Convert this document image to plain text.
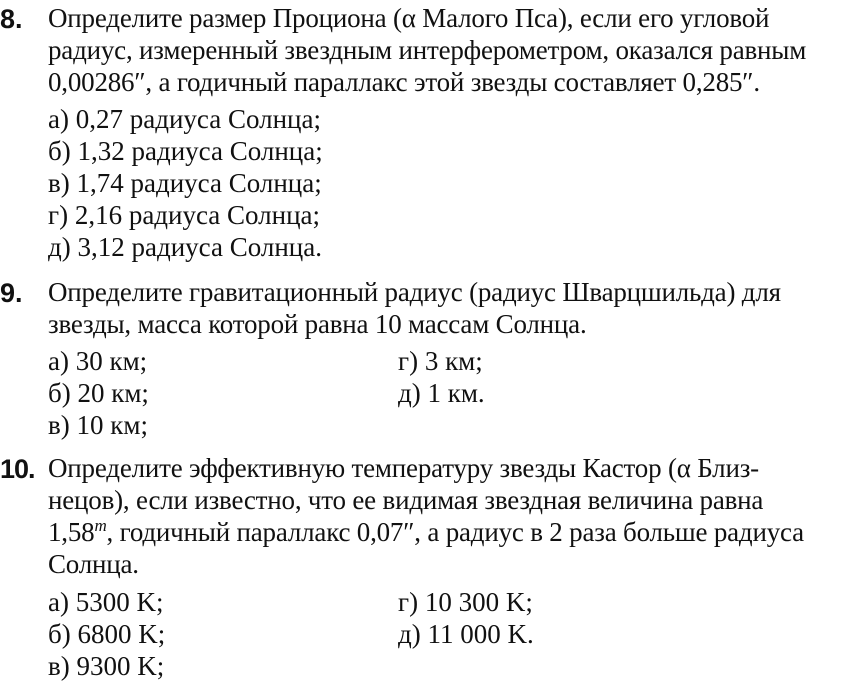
8. Определите размер Проциона (α Малого Пса), если его угловой
радиус, измеренный звездным интерферометром, оказался равным
0,00286″, а годичный параллакс этой звезды составляет 0,285″.
а) 0,27 радиуса Солнца;
б) 1,32 радиуса Солнца;
в) 1,74 радиуса Солнца;
г) 2,16 радиуса Солнца;
д) 3,12 радиуса Солнца.
9. Определите гравитационный радиус (радиус Шварцшильда) для
звезды, масса которой равна 10 массам Солнца.
а) 30 км;
б) 20 км;
в) 10 км;
г) 3 км;
д) 1 км.
10. Определите эффективную температуру звезды Кастор (α Близ-
нецов), если известно, что ее видимая звездная величина равна
1,58$^m$, годичный параллакс 0,07″, а радиус в 2 раза больше радиуса
Солнца.
а) 5300 K;
б) 6800 K;
в) 9300 K;
г) 10 300 K;
д) 11 000 K.
